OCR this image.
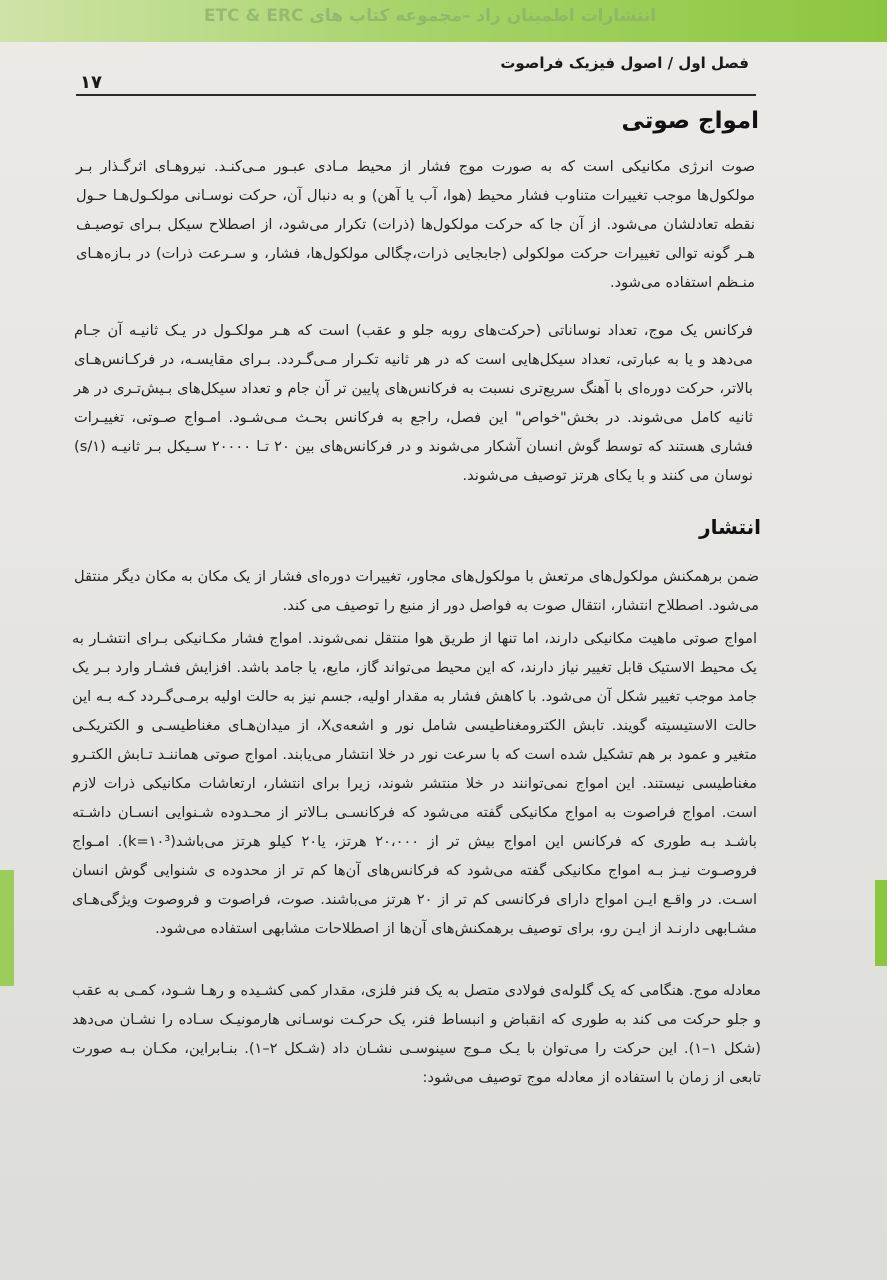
انتشارات اطمینان راد –مجموعه کتاب های ETC & ERC
فصل اول / اصول فیزیک فراصوت
۱۷
امواج صوتی

صوت انرژی مکانیکی است که به صورت موج فشار از محیط مـادی عبـور مـی‌کنـد. نیروهـای اثرگـذار بـر مولکول‌ها موجب تغییرات متناوب فشار محیط (هوا، آب یا آهن) و به دنبال آن، حرکت نوسـانی مولکـول‌هـا حـول نقطه تعادلشان می‌شود. از آن جا که حرکت مولکول‌ها (ذرات) تکرار می‌شود، از اصطلاح سیکل بـرای توصیـف هـر گونه توالی تغییرات حرکت مولکولی (جابجایی ذرات،چگالی مولکول‌ها، فشار، و سـرعت ذرات) در بـازه‌هـای منـظم استفاده می‌شود.

فرکانس یک موج، تعداد نوساناتی (حرکت‌های روبه جلو و عقب) است که هـر مولکـول در یـک ثانیـه آن جـام می‌دهد و یا به عبارتی، تعداد سیکل‌هایی است که در هر ثانیه تکـرار مـی‌گـردد. بـرای مقایسـه، در فرکـانس‌هـای بالاتر، حرکت دوره‌ای با آهنگ سریع‌تری نسبت به فرکانس‌های پایین تر آن جام و تعداد سیکل‌های بـیش‌تـری در هر ثانیه کامل می‌شوند. در بخش"خواص" این فصل، راجع به فرکانس بحـث مـی‌شـود. امـواج صـوتی، تغییـرات فشاری هستند که توسط گوش انسان آشکار می‌شوند و در فرکانس‌های بین ۲۰ تـا ۲۰۰۰۰ سـیکل بـر ثانیـه (۱/s) نوسان می‌ کنند و با یکای هرتز توصیف می‌شوند.

انتشار

ضمن برهمکنش مولکول‌های مرتعش با مولکول‌های مجاور، تغییرات دوره‌ای فشار از یک مکان به مکان دیگر منتقل می‌شود. اصطلاح انتشار، انتقال صوت به فواصل دور از منبع را توصیف می‌ کند.

امواج صوتی ماهیت مکانیکی دارند، اما تنها از طریق هوا منتقل نمی‌شوند. امواج فشار مکـانیکی بـرای انتشـار به یک محیط الاستیک قابل تغییر نیاز دارند، که این محیط می‌تواند گاز، مایع، یا جامد باشد. افزایش فشـار وارد بـر یک جامد موجب تغییر شکل آن می‌شود. با کاهش فشار به مقدار اولیه، جسم نیز به حالت اولیه برمـی‌گـردد کـه بـه این حالت الاستیسیته گویند. تابش الکترومغناطیسی شامل نور و اشعه‌یX، از میدان‌هـای مغناطیسـی و الکتریکـی متغیر و عمود بر هم تشکیل شده است که با سرعت نور در خلا انتشار می‌یابند. امواج صوتی هماننـد تـابش الکتـرو مغناطیسی نیستند. این امواج نمی‌توانند در خلا منتشر شوند، زیرا برای انتشار، ارتعاشات مکانیکی ذرات لازم است. امواج فراصوت به امواج مکانیکی گفته می‌شود که فرکانسـی بـالاتر از محـدوده شـنوایی انسـان داشـته باشـد بـه طوری که فرکانس این امواج بیش تر از ۲۰،۰۰۰ هرتز، یا۲۰ کیلو هرتز می‌باشد(k=۱۰³). امـواج فروصـوت نیـز بـه امواج مکانیکی گفته می‌شود که فرکانس‌های آن‌ها کم تر از محدوده ی شنوایی گوش انسان اسـت. در واقـع ایـن امواج دارای فرکانسی کم تر از ۲۰ هرتز می‌باشند. صوت، فراصوت و فروصوت ویژگی‌هـای مشـابهی دارنـد از ایـن رو، برای توصیف برهمکنش‌های آن‌ها از اصطلاحات مشابهی استفاده می‌شود.

معادله موج. هنگامی که یک گلوله‌ی فولادی متصل به یک فنر فلزی، مقدار کمی کشـیده و رهـا شـود، کمـی به عقب و جلو حرکت می‌ کند به طوری که انقباض و انبساط فنر، یک حرکـت نوسـانی هارمونیـک سـاده را نشـان می‌دهد (شکل ۱–۱). این حرکت را می‌توان با یـک مـوج سینوسـی نشـان داد (شـکل ۲–۱). بنـابراین، مکـان بـه صورت تابعی از زمان با استفاده از معادله موج توصیف می‌شود:
